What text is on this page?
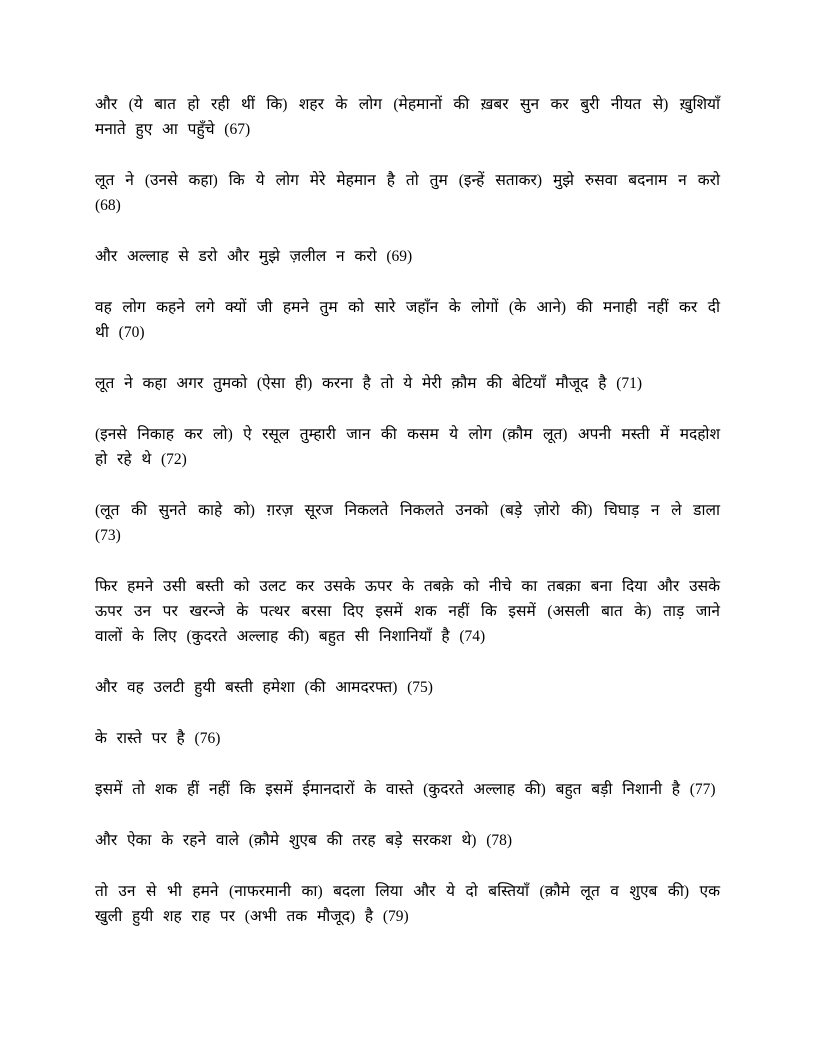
और (ये बात हो रही थीं कि) शहर के लोग (मेहमानों की ख़बर सुन कर बुरी नीयत से) ख़ुशियाँ मनाते हुए आ पहुँचे (67)

लूत ने (उनसे कहा) कि ये लोग मेरे मेहमान है तो तुम (इन्हें सताकर) मुझे रुसवा बदनाम न करो (68)

और अल्लाह से डरो और मुझे ज़लील न करो (69)

वह लोग कहने लगे क्यों जी हमने तुम को सारे जहाँन के लोगों (के आने) की मनाही नहीं कर दी थी (70)

लूत ने कहा अगर तुमको (ऐसा ही) करना है तो ये मेरी क़ौम की बेटियाँ मौजूद है (71)

(इनसे निकाह कर लो) ऐ रसूल तुम्हारी जान की कसम ये लोग (क़ौम लूत) अपनी मस्ती में मदहोश हो रहे थे (72)

(लूत की सुनते काहे को) ग़रज़ सूरज निकलते निकलते उनको (बड़े ज़ोरो की) चिघाड़ न ले डाला (73)

फिर हमने उसी बस्ती को उलट कर उसके ऊपर के तबक़े को नीचे का तबक़ा बना दिया और उसके ऊपर उन पर खरन्जे के पत्थर बरसा दिए इसमें शक नहीं कि इसमें (असली बात के) ताड़ जाने वालों के लिए (कुदरते अल्लाह की) बहुत सी निशानियाँ है (74)

और वह उलटी हुयी बस्ती हमेशा (की आमदरफ्त) (75)

के रास्ते पर है (76)

इसमें तो शक हीं नहीं कि इसमें ईमानदारों के वास्ते (कुदरते अल्लाह की) बहुत बड़ी निशानी है (77)

और ऐका के रहने वाले (क़ौमे शुएब की तरह बड़े सरकश थे) (78)

तो उन से भी हमने (नाफरमानी का) बदला लिया और ये दो बस्तियाँ (क़ौमे लूत व शुएब की) एक खुली हुयी शह राह पर (अभी तक मौजूद) है (79)
